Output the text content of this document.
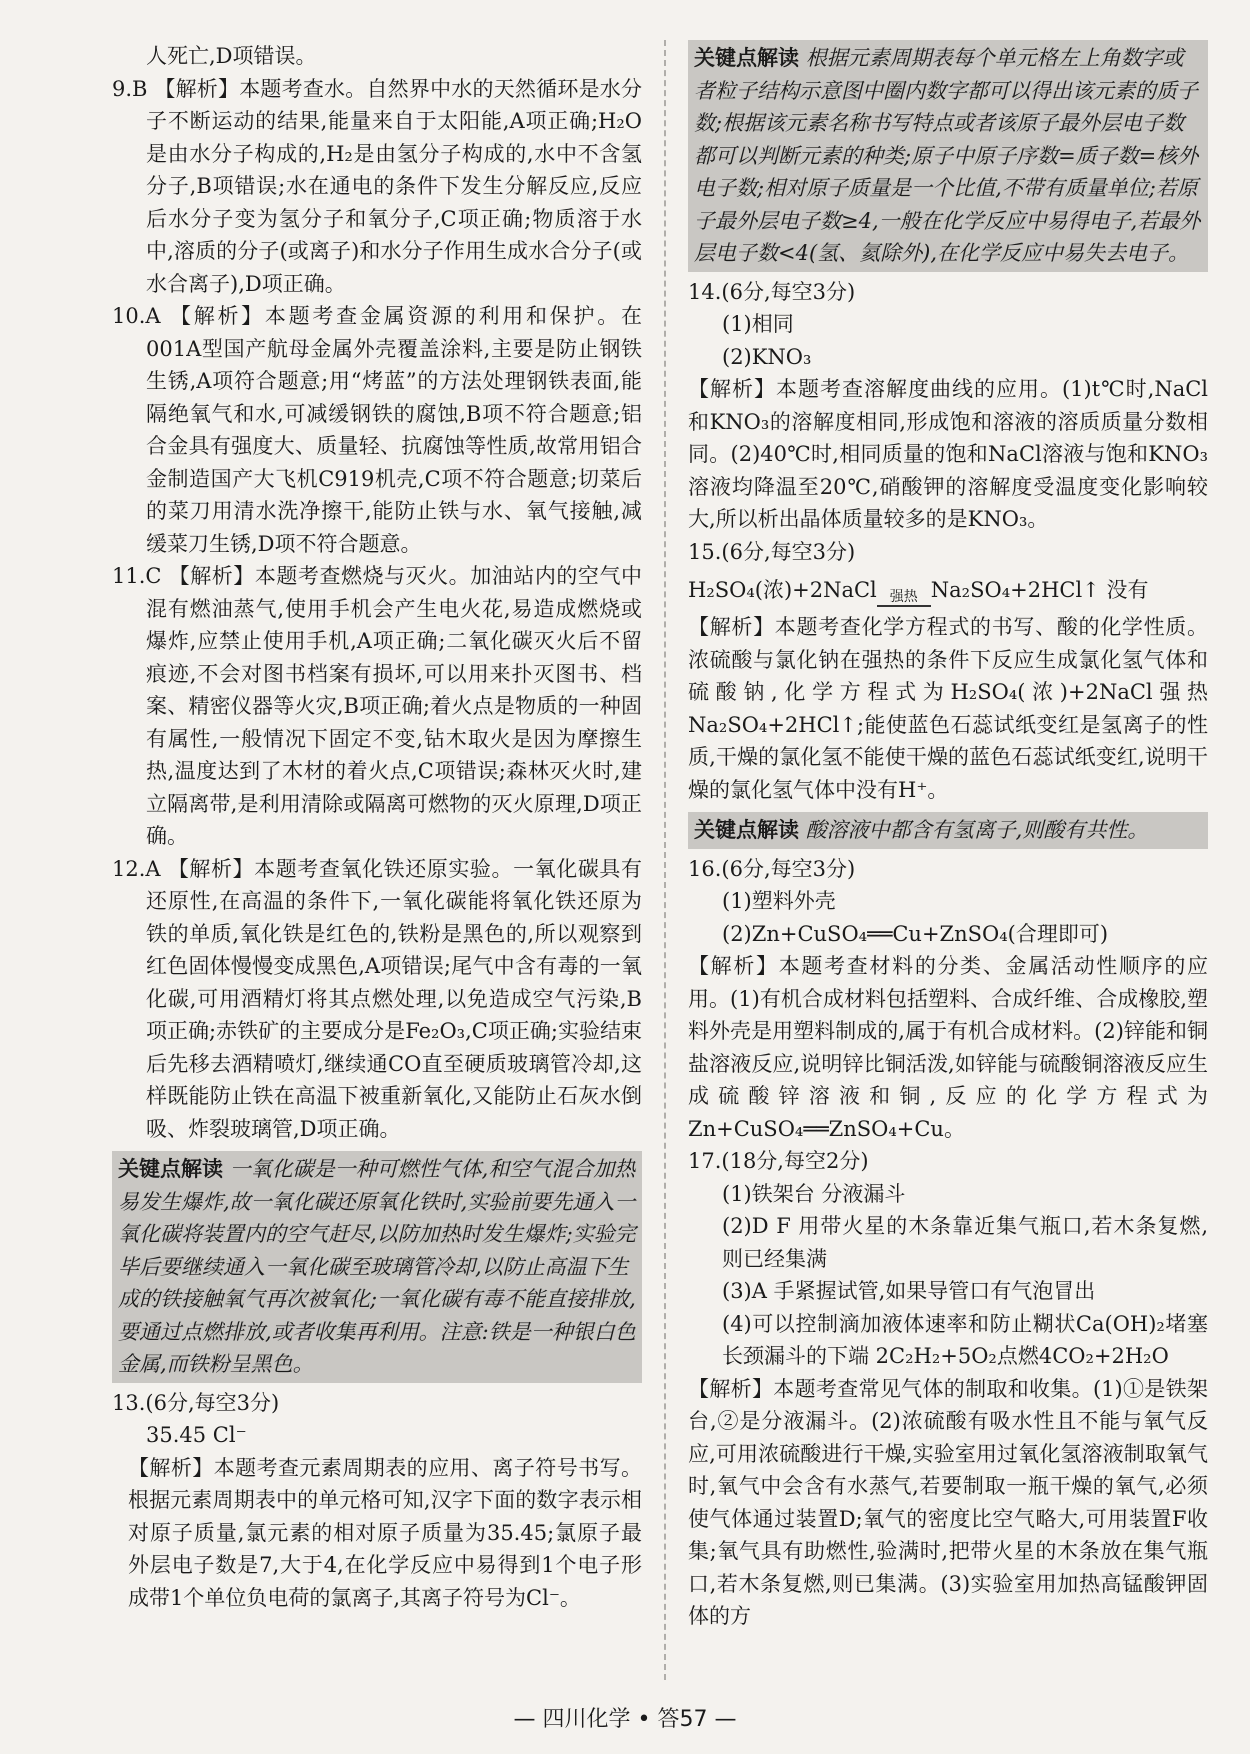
人死亡,D项错误。

9.B 【解析】本题考查水。自然界中水的天然循环是水分子不断运动的结果,能量来自于太阳能,A项正确;H₂O是由水分子构成的,H₂是由氢分子构成的,水中不含氢分子,B项错误;水在通电的条件下发生分解反应,反应后水分子变为氢分子和氧分子,C项正确;物质溶于水中,溶质的分子(或离子)和水分子作用生成水合分子(或水合离子),D项正确。

10.A 【解析】本题考查金属资源的利用和保护。在001A型国产航母金属外壳覆盖涂料,主要是防止钢铁生锈,A项符合题意;用“烤蓝”的方法处理钢铁表面,能隔绝氧气和水,可减缓钢铁的腐蚀,B项不符合题意;铝合金具有强度大、质量轻、抗腐蚀等性质,故常用铝合金制造国产大飞机C919机壳,C项不符合题意;切菜后的菜刀用清水洗净擦干,能防止铁与水、氧气接触,减缓菜刀生锈,D项不符合题意。

11.C 【解析】本题考查燃烧与灭火。加油站内的空气中混有燃油蒸气,使用手机会产生电火花,易造成燃烧或爆炸,应禁止使用手机,A项正确;二氧化碳灭火后不留痕迹,不会对图书档案有损坏,可以用来扑灭图书、档案、精密仪器等火灾,B项正确;着火点是物质的一种固有属性,一般情况下固定不变,钻木取火是因为摩擦生热,温度达到了木材的着火点,C项错误;森林灭火时,建立隔离带,是利用清除或隔离可燃物的灭火原理,D项正确。

12.A 【解析】本题考查氧化铁还原实验。一氧化碳具有还原性,在高温的条件下,一氧化碳能将氧化铁还原为铁的单质,氧化铁是红色的,铁粉是黑色的,所以观察到红色固体慢慢变成黑色,A项错误;尾气中含有毒的一氧化碳,可用酒精灯将其点燃处理,以免造成空气污染,B项正确;赤铁矿的主要成分是Fe₂O₃,C项正确;实验结束后先移去酒精喷灯,继续通CO直至硬质玻璃管冷却,这样既能防止铁在高温下被重新氧化,又能防止石灰水倒吸、炸裂玻璃管,D项正确。

关键点解读 一氧化碳是一种可燃性气体,和空气混合加热易发生爆炸,故一氧化碳还原氧化铁时,实验前要先通入一氧化碳将装置内的空气赶尽,以防加热时发生爆炸;实验完毕后要继续通入一氧化碳至玻璃管冷却,以防止高温下生成的铁接触氧气再次被氧化;一氧化碳有毒不能直接排放,要通过点燃排放,或者收集再利用。注意:铁是一种银白色金属,而铁粉呈黑色。

13.(6分,每空3分)

35.45 Cl⁻

【解析】本题考查元素周期表的应用、离子符号书写。根据元素周期表中的单元格可知,汉字下面的数字表示相对原子质量,氯元素的相对原子质量为35.45;氯原子最外层电子数是7,大于4,在化学反应中易得到1个电子形成带1个单位负电荷的氯离子,其离子符号为Cl⁻。

关键点解读 根据元素周期表每个单元格左上角数字或者粒子结构示意图中圈内数字都可以得出该元素的质子数;根据该元素名称书写特点或者该原子最外层电子数都可以判断元素的种类;原子中原子序数=质子数=核外电子数;相对原子质量是一个比值,不带有质量单位;若原子最外层电子数≥4,一般在化学反应中易得电子,若最外层电子数<4(氢、氦除外),在化学反应中易失去电子。

14.(6分,每空3分)

(1)相同

(2)KNO₃

【解析】本题考查溶解度曲线的应用。(1)t℃时,NaCl和KNO₃的溶解度相同,形成饱和溶液的溶质质量分数相同。(2)40℃时,相同质量的饱和NaCl溶液与饱和KNO₃溶液均降温至20℃,硝酸钾的溶解度受温度变化影响较大,所以析出晶体质量较多的是KNO₃。

15.(6分,每空3分)

H₂SO₄(浓)+2NaCl 强热 Na₂SO₄+2HCl↑ 没有

【解析】本题考查化学方程式的书写、酸的化学性质。浓硫酸与氯化钠在强热的条件下反应生成氯化氢气体和硫酸钠,化学方程式为H₂SO₄(浓)+2NaCl强热Na₂SO₄+2HCl↑;能使蓝色石蕊试纸变红是氢离子的性质,干燥的氯化氢不能使干燥的蓝色石蕊试纸变红,说明干燥的氯化氢气体中没有H⁺。

关键点解读 酸溶液中都含有氢离子,则酸有共性。

16.(6分,每空3分)

(1)塑料外壳

(2)Zn+CuSO₄══Cu+ZnSO₄(合理即可)

【解析】本题考查材料的分类、金属活动性顺序的应用。(1)有机合成材料包括塑料、合成纤维、合成橡胶,塑料外壳是用塑料制成的,属于有机合成材料。(2)锌能和铜盐溶液反应,说明锌比铜活泼,如锌能与硫酸铜溶液反应生成硫酸锌溶液和铜,反应的化学方程式为Zn+CuSO₄══ZnSO₄+Cu。

17.(18分,每空2分)

(1)铁架台 分液漏斗

(2)D F 用带火星的木条靠近集气瓶口,若木条复燃,则已经集满

(3)A 手紧握试管,如果导管口有气泡冒出

(4)可以控制滴加液体速率和防止糊状Ca(OH)₂堵塞长颈漏斗的下端 2C₂H₂+5O₂点燃4CO₂+2H₂O

【解析】本题考查常见气体的制取和收集。(1)①是铁架台,②是分液漏斗。(2)浓硫酸有吸水性且不能与氧气反应,可用浓硫酸进行干燥,实验室用过氧化氢溶液制取氧气时,氧气中会含有水蒸气,若要制取一瓶干燥的氧气,必须使气体通过装置D;氧气的密度比空气略大,可用装置F收集;氧气具有助燃性,验满时,把带火星的木条放在集气瓶口,若木条复燃,则已集满。(3)实验室用加热高锰酸钾固体的方

— 四川化学 • 答57 —
